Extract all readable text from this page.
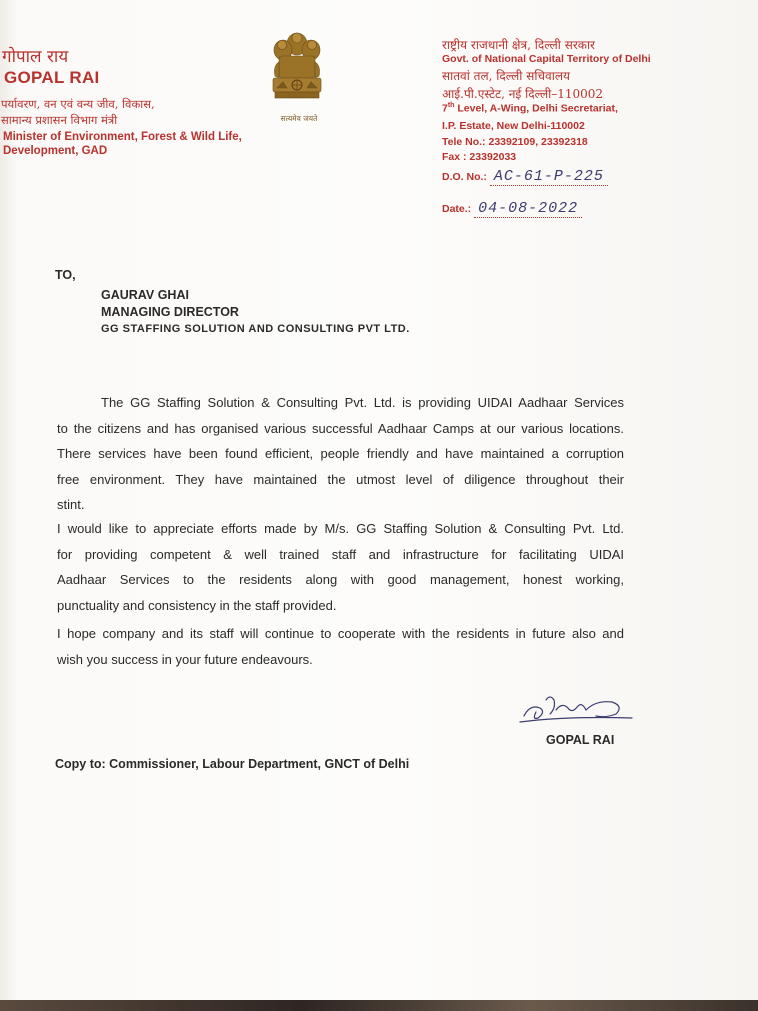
गोपाल राय
GOPAL RAI
पर्यावरण, वन एवं वन्य जीव, विकास,
सामान्य प्रशासन विभाग मंत्री
Minister of Environment, Forest & Wild Life, Development, GAD
सत्यमेव जयते
राष्ट्रीय राजधानी क्षेत्र, दिल्ली सरकार
Govt. of National Capital Territory of Delhi
सातवां तल, दिल्ली सचिवालय
आई.पी.एस्टेट, नई दिल्ली–110002
7th Level, A-Wing, Delhi Secretariat,
I.P. Estate, New Delhi-110002
Tele No.: 23392109, 23392318
Fax : 23392033
D.O. No.: AC-61-P-225
Date.: 04-08-2022
TO,
GAURAV GHAI
MANAGING DIRECTOR
GG STAFFING SOLUTION AND CONSULTING PVT LTD.
The GG Staffing Solution & Consulting Pvt. Ltd. is providing UIDAI Aadhaar Services
to the citizens and has organised various successful Aadhaar Camps at our various locations.
There services have been found efficient, people friendly and have maintained a corruption
free environment. They have maintained the utmost level of diligence throughout their
stint.
I would like to appreciate efforts made by M/s. GG Staffing Solution & Consulting Pvt. Ltd.
for providing competent & well trained staff and infrastructure for facilitating UIDAI
Aadhaar Services to the residents along with good management, honest working,
punctuality and consistency in the staff provided.
I hope company and its staff will continue to cooperate with the residents in future also and
wish you success in your future endeavours.
GOPAL RAI
Copy to: Commissioner, Labour Department, GNCT of Delhi
